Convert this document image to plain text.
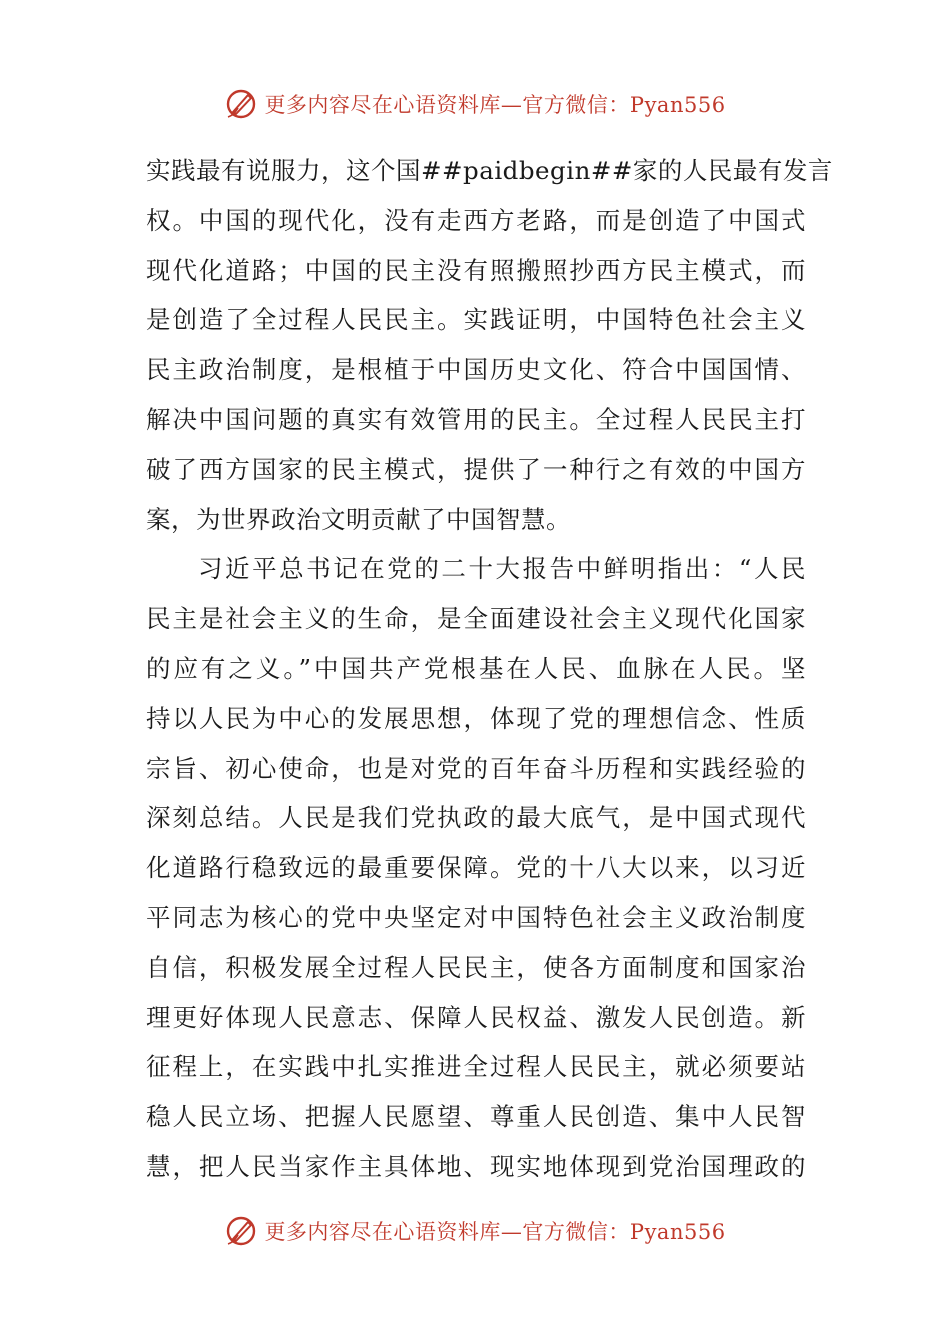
更多内容尽在心语资料库—官方微信：Pyan556
实践最有说服力，这个国##paidbegin##家的人民最有发言
权。中国的现代化，没有走西方老路，而是创造了中国式
现代化道路；中国的民主没有照搬照抄西方民主模式，而
是创造了全过程人民民主。实践证明，中国特色社会主义
民主政治制度，是根植于中国历史文化、符合中国国情、
解决中国问题的真实有效管用的民主。全过程人民民主打
破了西方国家的民主模式，提供了一种行之有效的中国方
案，为世界政治文明贡献了中国智慧。
习近平总书记在党的二十大报告中鲜明指出：“人民
民主是社会主义的生命，是全面建设社会主义现代化国家
的应有之义。”中国共产党根基在人民、血脉在人民。坚
持以人民为中心的发展思想，体现了党的理想信念、性质
宗旨、初心使命，也是对党的百年奋斗历程和实践经验的
深刻总结。人民是我们党执政的最大底气，是中国式现代
化道路行稳致远的最重要保障。党的十八大以来，以习近
平同志为核心的党中央坚定对中国特色社会主义政治制度
自信，积极发展全过程人民民主，使各方面制度和国家治
理更好体现人民意志、保障人民权益、激发人民创造。新
征程上，在实践中扎实推进全过程人民民主，就必须要站
稳人民立场、把握人民愿望、尊重人民创造、集中人民智
慧，把人民当家作主具体地、现实地体现到党治国理政的
更多内容尽在心语资料库—官方微信：Pyan556
